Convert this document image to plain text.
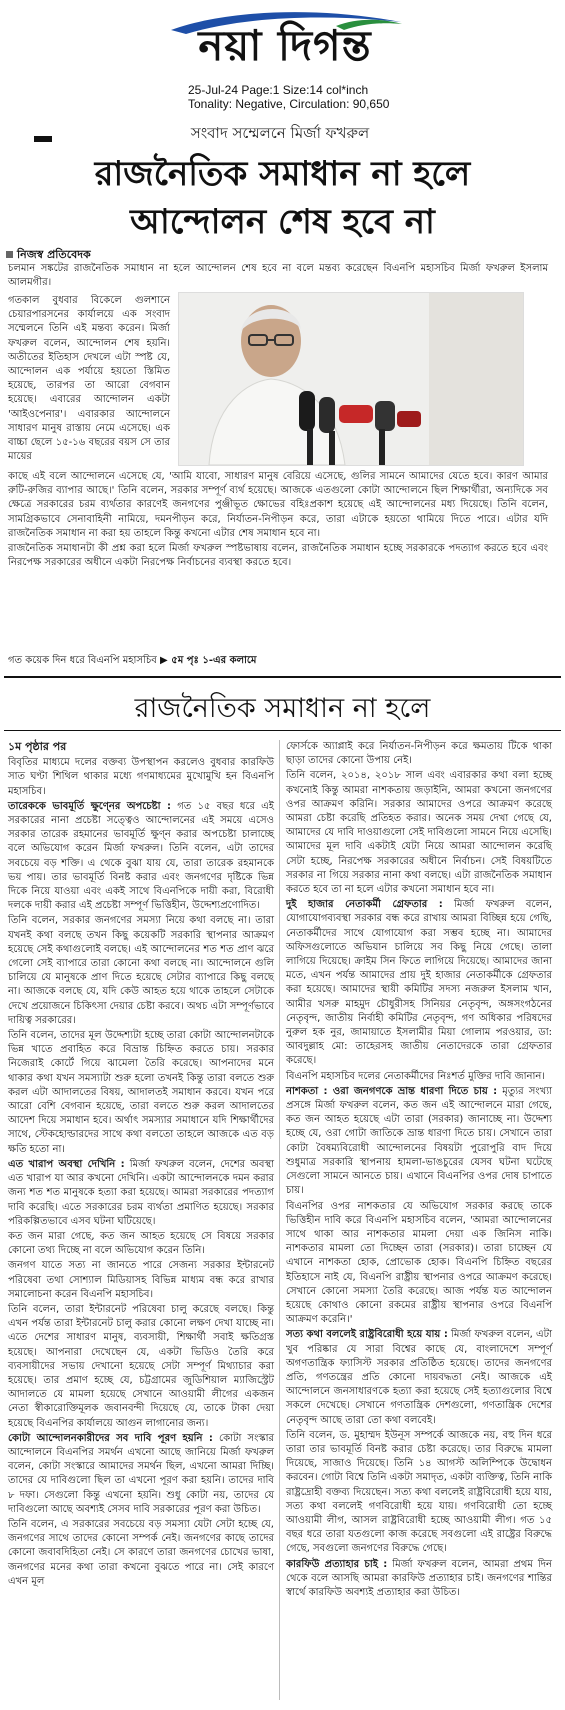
নয়া দিগন্ত
25-Jul-24 Page:1 Size:14 col*inch
Tonality: Negative, Circulation: 90,650
সংবাদ সম্মেলনে মির্জা ফখরুল
রাজনৈতিক সমাধান না হলে
আন্দোলন শেষ হবে না
নিজস্ব প্রতিবেদক
চলমান সঙ্কটের রাজনৈতিক সমাধান না হলে আন্দোলন শেষ হবে না বলে মন্তব্য করেছেন বিএনপি মহাসচিব মির্জা ফখরুল ইসলাম আলমগীর।
গতকাল বুধবার বিকেলে গুলশানে চেয়ারপারসনের কার্যালয়ে এক সংবাদ সম্মেলনে তিনি এই মন্তব্য করেন। মির্জা ফখরুল বলেন, আন্দোলন শেষ হয়নি। অতীতের ইতিহাস দেখলে এটা স্পষ্ট যে, আন্দোলন এক পর্যায়ে হয়তো স্তিমিত হয়েছে, তারপর তা আরো বেগবান হয়েছে। এবারের আন্দোলন একটা 'আইওপেনার'। এবারকার আন্দোলনে সাধারণ মানুষ রাস্তায় নেমে এসেছে। এক বাচ্চা ছেলে ১৫-১৬ বছরের বয়স সে তার মায়ের

কাছে এই বলে আন্দোলনে এসেছে যে, 'আমি যাবো, সাধারণ মানুষ বেরিয়ে এসেছে, গুলির সামনে আমাদের যেতে হবে। কারণ আমার রুটি-রুজির ব্যাপার আছে।' তিনি বলেন, সরকার সম্পূর্ণ ব্যর্থ হয়েছে। আজকে এতগুলো কোটা আন্দোলনে ছিল শিক্ষার্থীরা, অন্যদিকে সব ক্ষেত্রে সরকারের চরম ব্যর্থতার কারণেই জনগণের পুঞ্জীভূত ক্ষোভের বহিঃপ্রকাশ হয়েছে এই আন্দোলনের মধ্য দিয়েছে। তিনি বলেন, সামগ্রিকভাবে সেনাবাহিনী নামিয়ে, দমনপীড়ন করে, নির্যাতন-নিপীড়ন করে, তারা এটাকে হয়তো থামিয়ে দিতে পারে। এটার যদি রাজনৈতিক সমাধান না করা হয় তাহলে কিন্তু কখনো এটার শেষ সমাধান হবে না।

রাজনৈতিক সমাধানটা কী প্রশ্ন করা হলে মির্জা ফখরুল স্পষ্টভাষায় বলেন, রাজনৈতিক সমাধান হচ্ছে সরকারকে পদত্যাগ করতে হবে এবং নিরপেক্ষ সরকারের অধীনে একটা নিরপেক্ষ নির্বাচনের ব্যবস্থা করতে হবে।

গত কয়েক দিন ধরে বিএনপি মহাসচিব ▶ ৫ম পৃঃ ১-এর কলামে
রাজনৈতিক সমাধান না হলে
১ম পৃষ্ঠার পর

বিবৃতির মাধ্যমে দলের বক্তব্য উপস্থাপন করলেও বুধবার কারফিউ সাত ঘণ্টা শিথিল থাকার মধ্যে গণমাধ্যমের মুখোমুখি হন বিএনপি মহাসচিব।

তারেককে ভাবমূর্তি ক্ষুণ্নের অপচেষ্টা : গত ১৫ বছর ধরে এই সরকারের নানা প্রচেষ্টা সত্ত্বেও আন্দোলনের এই সময়ে এসেও সরকার তারেক রহমানের ভাবমূর্তি ক্ষুণ্ন করার অপচেষ্টা চালাচ্ছে বলে অভিযোগ করেন মির্জা ফখরুল। তিনি বলেন, এটা তাদের সবচেয়ে বড় শক্তি। এ থেকে বুঝা যায় যে, তারা তারেক রহমানকে ভয় পায়। তার ভাবমূর্তি বিনষ্ট করার এবং জনগণের দৃষ্টিকে ভিন্ন দিকে নিয়ে যাওয়া এবং একই সাথে বিএনপিকে দায়ী করা, বিরোধী দলকে দায়ী করার এই প্রচেষ্টা সম্পূর্ণ ভিত্তিহীন, উদ্দেশ্যপ্রণোদিত।

তিনি বলেন, সরকার জনগণের সমস্যা নিয়ে কথা বলছে না। তারা যখনই কথা বলছে তখন কিছু কয়েকটি সরকারি স্থাপনার আক্রমণ হয়েছে সেই কথাগুলোই বলছে। এই আন্দোলনের শত শত প্রাণ ঝরে গেলো সেই ব্যাপারে তারা কোনো কথা বলছে না। আন্দোলনে গুলি চালিয়ে যে মানুষকে প্রাণ দিতে হয়েছে সেটার ব্যাপারে কিছু বলছে না। আজকে বলছে যে, যদি কেউ আহত হয়ে থাকে তাহলে সেটাকে দেখে প্রয়োজনে চিকিৎসা দেয়ার চেষ্টা করবে। অথচ এটা সম্পূর্ণভাবে দায়িত্ব সরকারের।

তিনি বলেন, তাদের মূল উদ্দেশ্যটা হচ্ছে তারা কোটা আন্দোলনটাকে ভিন্ন খাতে প্রবাহিত করে বিভ্রান্ত চিহ্নিত করতে চায়। সরকার নিজেরাই কোর্টে গিয়ে ঝামেলা তৈরি করেছে। আপনাদের মনে থাকার কথা যখন সমস্যাটা শুরু হলো তখনই কিন্তু তারা বলতে শুরু করল এটা আদালতের বিষয়, আদালতই সমাধান করবে। যখন পরে আরো বেশি বেগবান হয়েছে, তারা বলতে শুরু করল আদালতের আদেশ দিয়ে সমাধান হবে। অর্থাৎ সমস্যার সমাধানে যদি শিক্ষার্থীদের সাথে, স্টেকহোল্ডারদের সাথে কথা বলতো তাহলে আজকে এত বড় ক্ষতি হতো না।

এত খারাপ অবস্থা দেখিনি : মির্জা ফখরুল বলেন, দেশের অবস্থা এত খারাপ যা আর কখনো দেখিনি। একটা আন্দোলনকে দমন করার জন্য শত শত মানুষকে হত্যা করা হয়েছে। আমরা সরকারের পদত্যাগ দাবি করেছি। এতে সরকারের চরম ব্যর্থতা প্রমাণিত হয়েছে। সরকার পরিকল্পিতভাবে এসব ঘটনা ঘটিয়েছে।

কত জন মারা গেছে, কত জন আহত হয়েছে সে বিষয়ে সরকার কোনো তথ্য দিচ্ছে না বলে অভিযোগ করেন তিনি।

জনগণ যাতে সত্য না জানতে পারে সেজন্য সরকার ইন্টারনেট পরিষেবা তথা সোশ্যাল মিডিয়াসহ বিভিন্ন মাধ্যম বন্ধ করে রাখার সমালোচনা করেন বিএনপি মহাসচিব।

তিনি বলেন, তারা ইন্টারনেট পরিষেবা চালু করেছে বলছে। কিন্তু এখন পর্যন্ত তারা ইন্টারনেট চালু করার কোনো লক্ষণ দেখা যাচ্ছে না। এতে দেশের সাধারণ মানুষ, ব্যবসায়ী, শিক্ষার্থী সবাই ক্ষতিগ্রস্ত হয়েছে। আপনারা দেখেছেন যে, একটা ভিডিও তৈরি করে ব্যবসায়ীদের সভায় দেখানো হয়েছে সেটা সম্পূর্ণ মিথ্যাচার করা হয়েছে। তার প্রমাণ হচ্ছে যে, চট্টগ্রামের জুডিশিয়াল ম্যাজিস্ট্রেট আদালতে যে মামলা হয়েছে সেখানে আওয়ামী লীগের একজন নেতা স্বীকারোক্তিমূলক জবানবন্দী দিয়েছে যে, তাকে টাকা দেয়া হয়েছে বিএনপির কার্যালয়ে আগুন লাগানোর জন্য।

কোটা আন্দোলনকারীদের সব দাবি পূরণ হয়নি : কোটা সংস্কার আন্দোলনে বিএনপির সমর্থন এখনো আছে জানিয়ে মির্জা ফখরুল বলেন, কোটা সংস্কারে আমাদের সমর্থন ছিল, এখনো আমরা দিচ্ছি। তাদের যে দাবিগুলো ছিল তা এখনো পূরণ করা হয়নি। তাদের দাবি ৮ দফা। সেগুলো কিন্তু এখনো হয়নি। শুধু কোটা নয়, তাদের যে দাবিগুলো আছে অবশ্যই সেসব দাবি সরকারের পূরণ করা উচিত।

তিনি বলেন, এ সরকারের সবচেয়ে বড় সমস্যা যেটা সেটা হচ্ছে যে, জনগণের সাথে তাদের কোনো সম্পর্ক নেই। জনগণের কাছে তাদের কোনো জবাবদিহিতা নেই। সে কারণে তারা জনগণের চোখের ভাষা, জনগণের মনের কথা তারা কখনো বুঝতে পারে না। সেই কারণে এখন মূল

ফোর্সকে অ্যাপ্লাই করে নির্যাতন-নিপীড়ন করে ক্ষমতায় টিকে থাকা ছাড়া তাদের কোনো উপায় নেই।

তিনি বলেন, ২০১৪, ২০১৮ সাল এবং এবারকার কথা বলা হচ্ছে কখনোই কিন্তু আমরা নাশকতায় জড়াইনি, আমরা কখনো জনগণের ওপর আক্রমণ করিনি। সরকার আমাদের ওপরে আক্রমণ করেছে আমরা চেষ্টা করেছি প্রতিহত করার। অনেক সময় দেখা গেছে যে, আমাদের যে দাবি দাওয়াগুলো সেই দাবিগুলো সামনে নিয়ে এসেছি। আমাদের মূল দাবি একটাই যেটা নিয়ে আমরা আন্দোলন করেছি সেটা হচ্ছে, নিরপেক্ষ সরকারের অধীনে নির্বাচন। সেই বিষয়টিতে সরকার না গিয়ে সরকার নানা কথা বলছে। এটা রাজনৈতিক সমাধান করতে হবে তা না হলে এটার কখনো সমাধান হবে না।

দুই হাজার নেতাকর্মী গ্রেফতার : মির্জা ফখরুল বলেন, যোগাযোগব্যবস্থা সরকার বন্ধ করে রাখায় আমরা বিচ্ছিন্ন হয়ে গেছি, নেতাকর্মীদের সাথে যোগাযোগ করা সম্ভব হচ্ছে না। আমাদের অফিসগুলোতে অভিযান চালিয়ে সব কিছু নিয়ে গেছে। তালা লাগিয়ে দিয়েছে। ক্রাইম সিন ফিতে লাগিয়ে দিয়েছে। আমাদের জানা মতে, এখন পর্যন্ত আমাদের প্রায় দুই হাজার নেতাকর্মীকে গ্রেফতার করা হয়েছে। আমাদের স্থায়ী কমিটির সদস্য নজরুল ইসলাম খান, আমীর খসরু মাহমুদ চৌধুরীসহ সিনিয়র নেতৃবৃন্দ, অঙ্গসংগঠনের নেতৃবৃন্দ, জাতীয় নির্বাহী কমিটির নেতৃবৃন্দ, গণ অধিকার পরিষদের নুরুল হক নুর, জামায়াতে ইসলামীর মিয়া গোলাম পরওয়ার, ডা: আবদুল্লাহ মো: তাহেরসহ জাতীয় নেতাদেরকে তারা গ্রেফতার করেছে।

বিএনপি মহাসচিব দলের নেতাকর্মীদের নিঃশর্ত মুক্তির দাবি জানান।

নাশকতা : ওরা জনগণকে ভ্রান্ত ধারণা দিতে চায় : মৃত্যুর সংখ্যা প্রসঙ্গে মির্জা ফখরুল বলেন, কত জন এই আন্দোলনে মারা গেছে, কত জন আহত হয়েছে এটা তারা (সরকার) জানাচ্ছে না। উদ্দেশ্য হচ্ছে যে, ওরা গোটা জাতিকে ভ্রান্ত ধারণা দিতে চায়। সেখানে তারা কোটা বৈষম্যবিরোধী আন্দোলনের বিষয়টা পুরোপুরি বাদ দিয়ে শুধুমাত্র সরকারি স্থাপনায় হামলা-ভাঙচুরের যেসব ঘটনা ঘটেছে সেগুলো সামনে আনতে চায়। এখানে বিএনপির ওপর দোষ চাপাতে চায়।

বিএনপির ওপর নাশকতার যে অভিযোগ সরকার করছে তাকে ভিত্তিহীন দাবি করে বিএনপি মহাসচিব বলেন, 'আমরা আন্দোলনের সাথে থাকা আর নাশকতার মামলা দেয়া এক জিনিস নাকি। নাশকতার মামলা তো দিচ্ছেন তারা (সরকার)। তারা চাচ্ছেন যে এখানে নাশকতা হোক, প্রোভোক হোক। বিএনপি চিহ্নিত বছরের ইতিহাসে নাই যে, বিএনপি রাষ্ট্রীয় স্থাপনার ওপরে আক্রমণ করেছে। সেখানে কোনো সমস্যা তৈরি করেছে। আজ পর্যন্ত যত আন্দোলন হয়েছে কোথাও কোনো রকমের রাষ্ট্রীয় স্থাপনার ওপরে বিএনপি আক্রমণ করেনি।'

সত্য কথা বললেই রাষ্ট্রবিরোধী হয়ে যায় : মির্জা ফখরুল বলেন, এটা খুব পরিষ্কার যে সারা বিশ্বের কাছে যে, বাংলাদেশে সম্পূর্ণ অগণতান্ত্রিক ফ্যাসিস্ট সরকার প্রতিষ্ঠিত হয়েছে। তাদের জনগণের প্রতি, গণতন্ত্রের প্রতি কোনো দায়বদ্ধতা নেই। আজকে এই আন্দোলনে জনসাধারণকে হত্যা করা হয়েছে সেই হত্যাগুলোর বিশ্বে সকলে দেখেছে। সেখানে গণতান্ত্রিক দেশগুলো, গণতান্ত্রিক দেশের নেতৃবৃন্দ আছে তারা তো কথা বলবেই।

তিনি বলেন, ড. মুহাম্মদ ইউনূস সম্পর্কে আজকে নয়, বহু দিন ধরে তারা তার ভাবমূর্তি বিনষ্ট করার চেষ্টা করেছে। তার বিরুদ্ধে মামলা দিয়েছে, সাজাও দিয়েছে। তিনি ১৪ আগস্ট অলিম্পিকে উদ্বোধন করবেন। গোটা বিশ্বে তিনি একটা সমাদৃত, একটা ব্যক্তিত্ব, তিনি নাকি রাষ্ট্রদ্রোহী বক্তব্য দিয়েছেন। সত্য কথা বললেই রাষ্ট্রবিরোধী হয়ে যায়, সত্য কথা বললেই গণবিরোধী হয়ে যায়। গণবিরোধী তো হচ্ছে আওয়ামী লীগ, আসল রাষ্ট্রবিরোধী হচ্ছে আওয়ামী লীগ। গত ১৫ বছর ধরে তারা যতগুলো কাজ করেছে সবগুলো এই রাষ্ট্রের বিরুদ্ধে গেছে, সবগুলো জনগণের বিরুদ্ধে গেছে।

কারফিউ প্রত্যাহার চাই : মির্জা ফখরুল বলেন, আমরা প্রথম দিন থেকে বলে আসছি আমরা কারফিউ প্রত্যাহার চাই। জনগণের শান্তির স্বার্থে কারফিউ অবশ্যই প্রত্যাহার করা উচিত।
